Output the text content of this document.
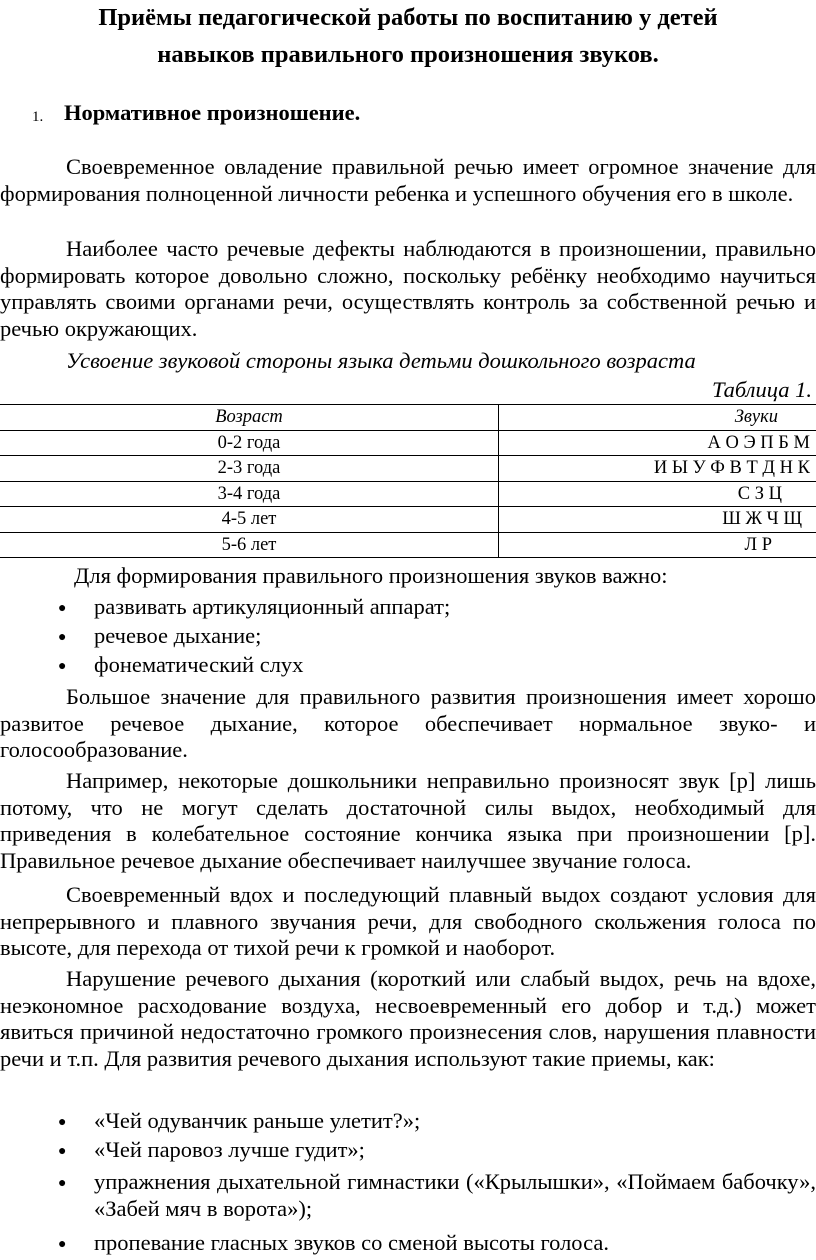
Приёмы педагогической работы по воспитанию у детей
навыков правильного произношения звуков.
1. Нормативное произношение.
Своевременное овладение правильной речью имеет огромное значение для формирования полноценной личности ребенка и успешного обучения его в школе.
Наиболее часто речевые дефекты наблюдаются в произношении, правильно формировать которое довольно сложно, поскольку ребёнку необходимо научиться управлять своими органами речи, осуществлять контроль за собственной речью и речью окружающих.
Усвоение звуковой стороны языка детьми дошкольного возраста
Таблица 1.
Возраст	Звуки
0-2 года	А О Э П Б М
2-3 года	И Ы У Ф В Т Д Н К
3-4 года	С З Ц
4-5 лет	Ш Ж Ч Щ
5-6 лет	Л Р
Для формирования правильного произношения звуков важно:
● развивать артикуляционный аппарат;
● речевое дыхание;
● фонематический слух
Большое значение для правильного развития произношения имеет хорошо развитое речевое дыхание, которое обеспечивает нормальное звуко- и голосообразование.
Например, некоторые дошкольники неправильно произносят звук [р] лишь потому, что не могут сделать достаточной силы выдох, необходимый для приведения в колебательное состояние кончика языка при произношении [р]. Правильное речевое дыхание обеспечивает наилучшее звучание голоса.
Своевременный вдох и последующий плавный выдох создают условия для непрерывного и плавного звучания речи, для свободного скольжения голоса по высоте, для перехода от тихой речи к громкой и наоборот.
Нарушение речевого дыхания (короткий или слабый выдох, речь на вдохе, неэкономное расходование воздуха, несвоевременный его добор и т.д.) может явиться причиной недостаточно громкого произнесения слов, нарушения плавности речи и т.п. Для развития речевого дыхания используют такие приемы, как:
● «Чей одуванчик раньше улетит?»;
● «Чей паровоз лучше гудит»;
● упражнения дыхательной гимнастики («Крылышки», «Поймаем бабочку», «Забей мяч в ворота»);
● пропевание гласных звуков со сменой высоты голоса.
